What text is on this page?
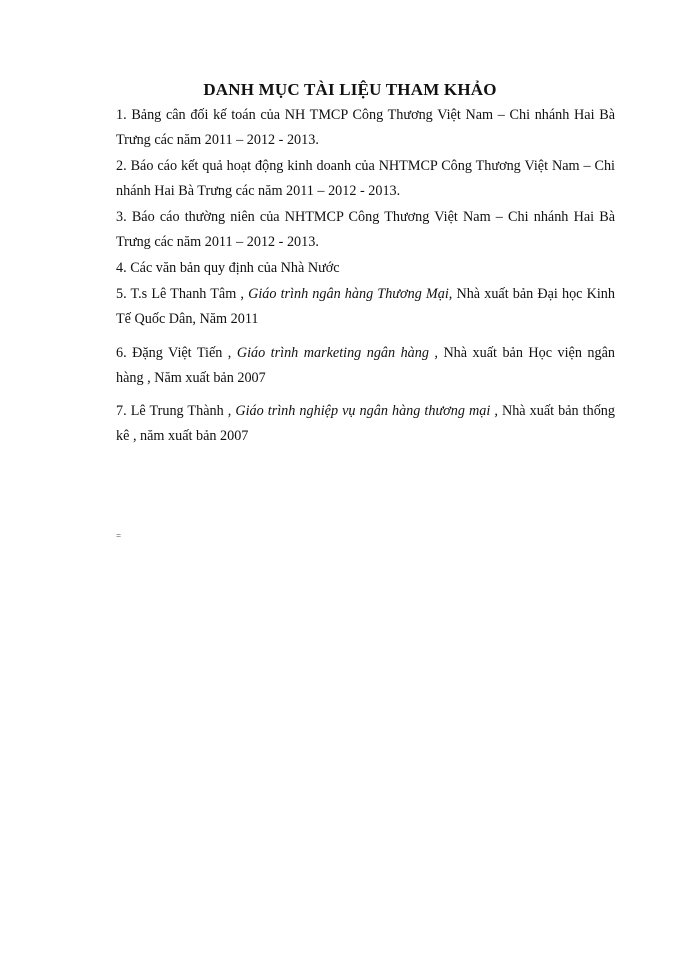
DANH MỤC TÀI LIỆU THAM KHẢO

1. Bảng cân đối kế toán của NH TMCP Công Thương Việt Nam – Chi nhánh Hai Bà Trưng các năm 2011 – 2012 - 2013.

2. Báo cáo kết quả hoạt động kinh doanh của NHTMCP Công Thương Việt Nam – Chi nhánh Hai Bà Trưng các năm 2011 – 2012 - 2013.

3. Báo cáo thường niên của NHTMCP Công Thương Việt Nam – Chi nhánh Hai Bà Trưng các năm 2011 – 2012 - 2013.

4. Các văn bản quy định của Nhà Nước

5. T.s Lê Thanh Tâm , Giáo trình ngân hàng Thương Mại, Nhà xuất bản Đại học Kinh Tế Quốc Dân, Năm 2011

6. Đặng Việt Tiến , Giáo trình marketing ngân hàng , Nhà xuất bản Học viện ngân hàng , Năm xuất bản 2007

7. Lê Trung Thành , Giáo trình nghiệp vụ ngân hàng thương mại , Nhà xuất bản thống kê , năm xuất bản 2007

=
